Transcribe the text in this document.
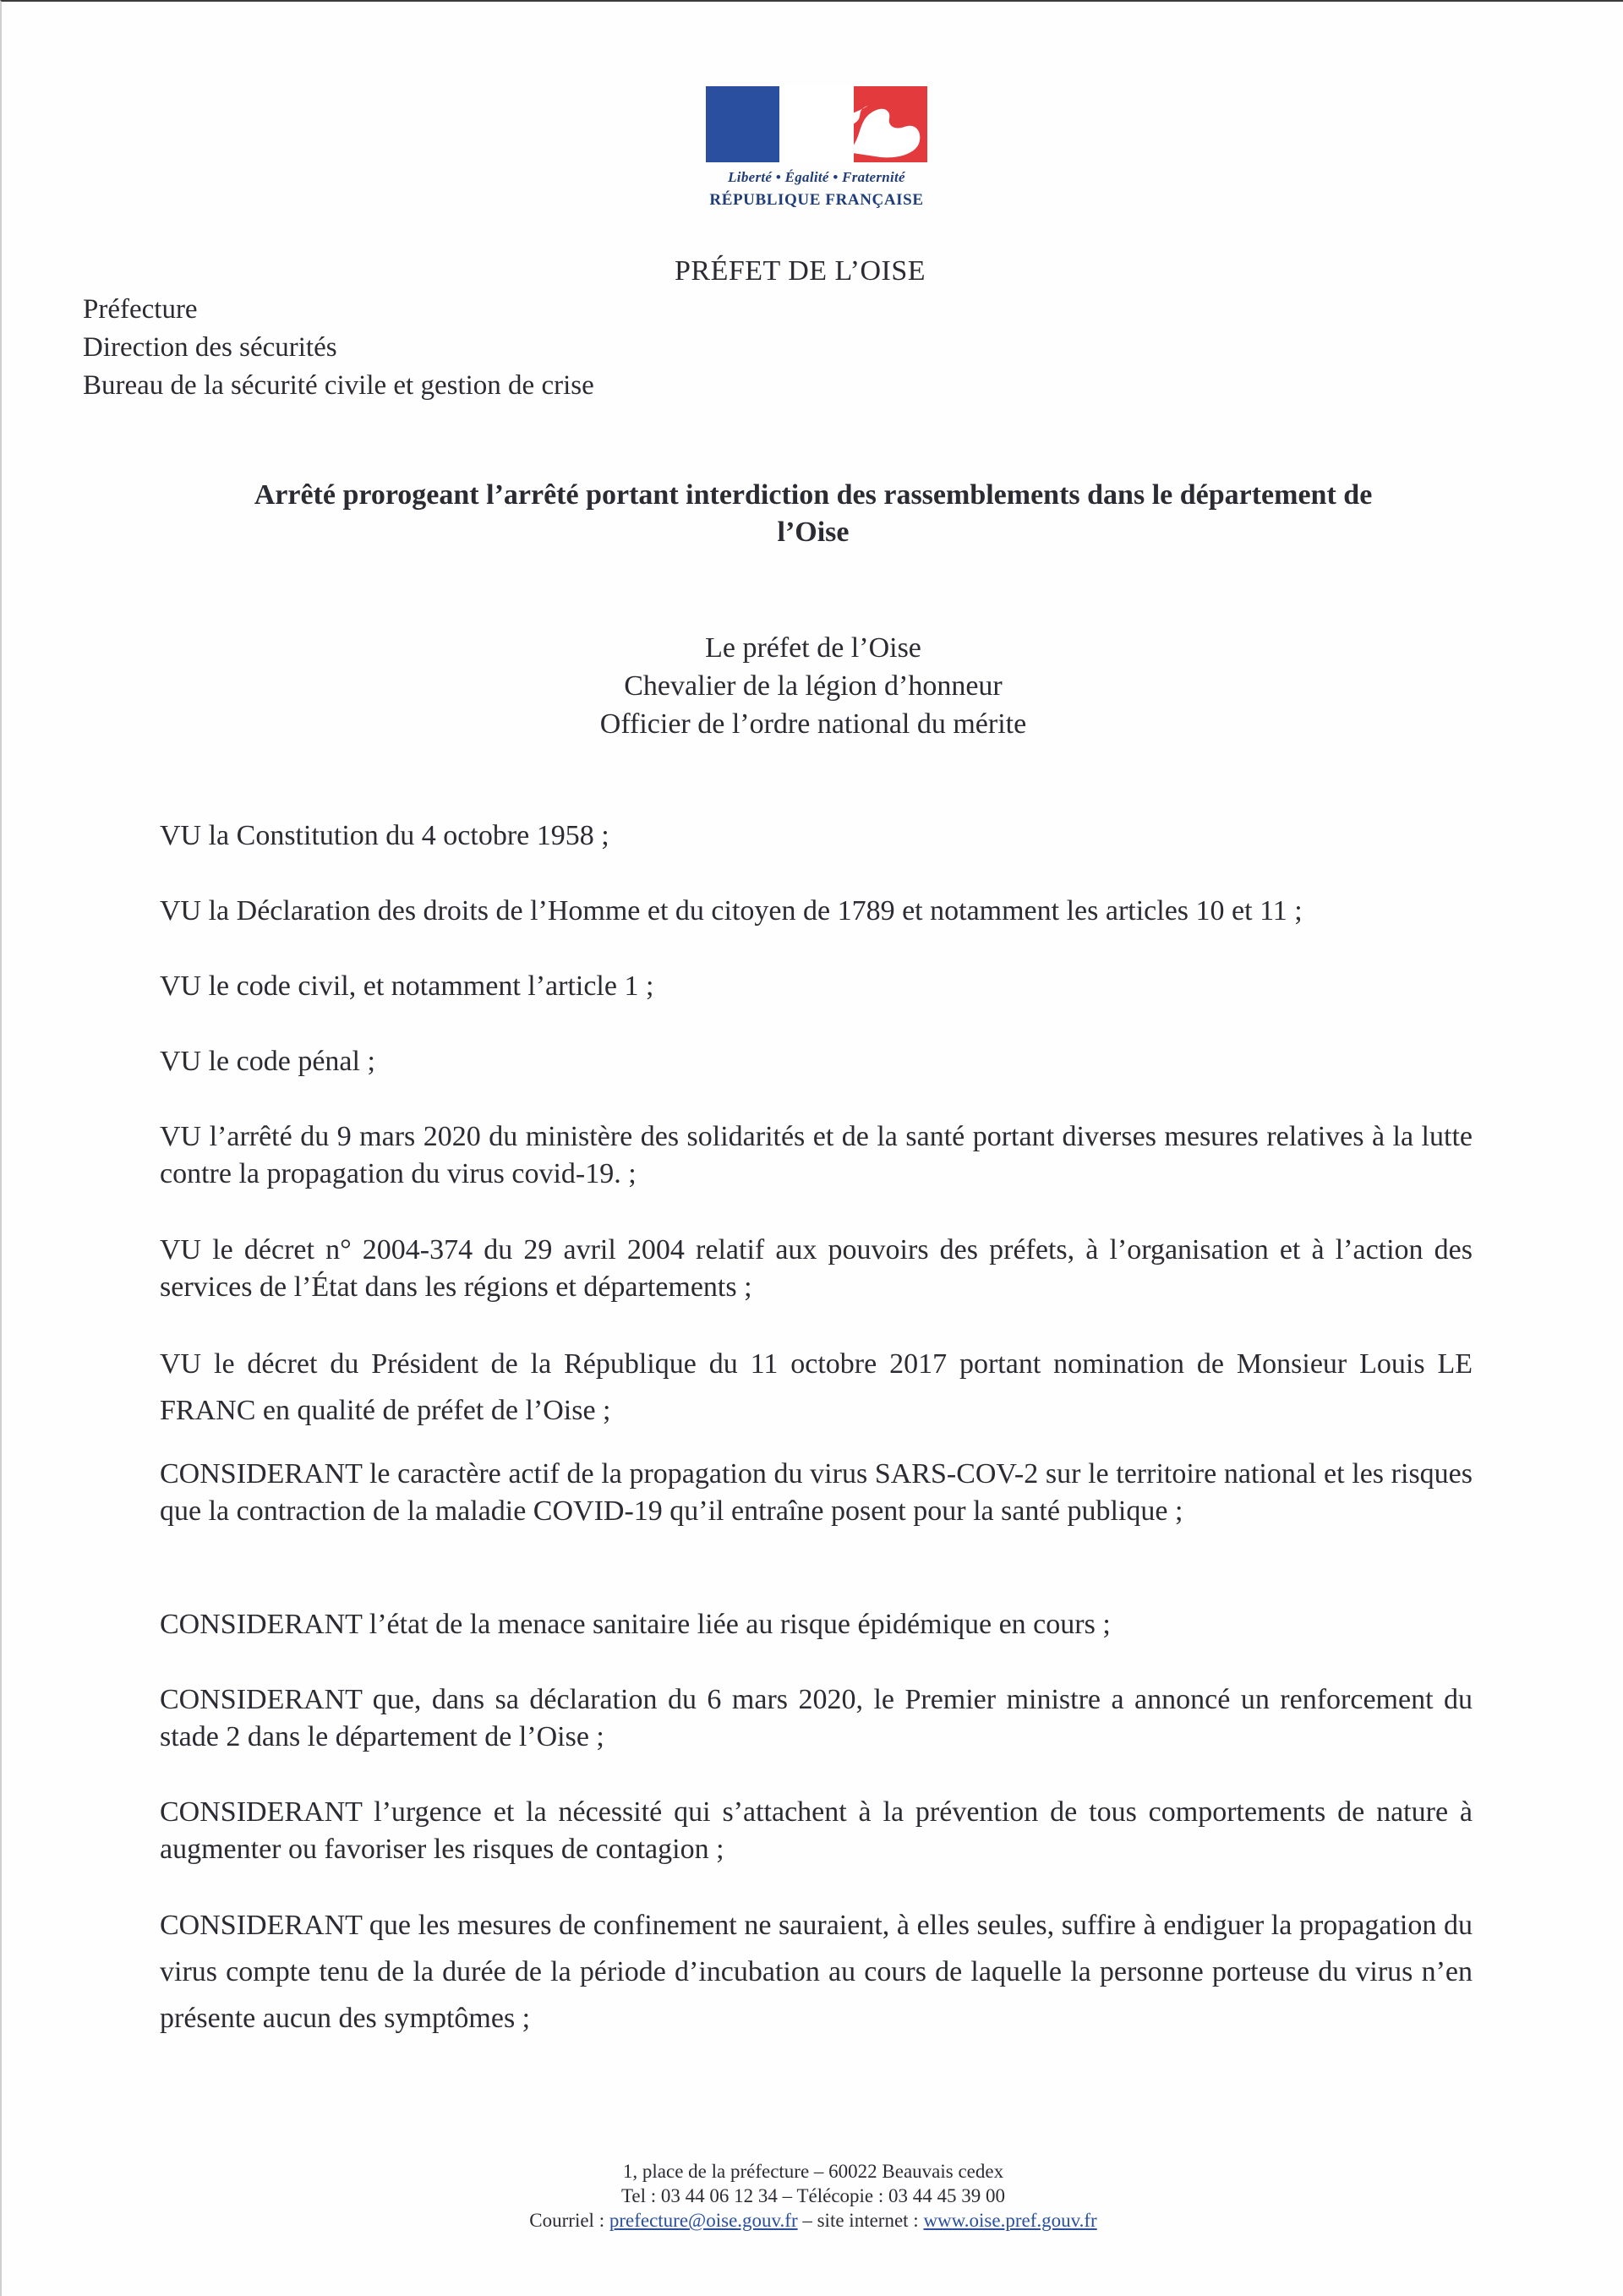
Liberté • Égalité • Fraternité
RÉPUBLIQUE FRANÇAISE
PRÉFET DE L’OISE
Préfecture
Direction des sécurités
Bureau de la sécurité civile et gestion de crise
Arrêté prorogeant l’arrêté portant interdiction des rassemblements dans le département de
l’Oise
Le préfet de l’Oise
Chevalier de la légion d’honneur
Officier de l’ordre national du mérite
VU la Constitution du 4 octobre 1958 ;
VU la Déclaration des droits de l’Homme et du citoyen de 1789 et notamment les articles 10 et 11 ;
VU le code civil, et notamment l’article 1 ;
VU le code pénal ;
VU l’arrêté du 9 mars 2020 du ministère des solidarités et de la santé portant diverses mesures relatives à la lutte contre la propagation du virus covid-19. ;
VU le décret n° 2004-374 du 29 avril 2004 relatif aux pouvoirs des préfets, à l’organisation et à l’action des services de l’État dans les régions et départements ;
VU le décret du Président de la République du 11 octobre 2017 portant nomination de Monsieur Louis LE FRANC en qualité de préfet de l’Oise ;
CONSIDERANT le caractère actif de la propagation du virus SARS-COV-2 sur le territoire national et les risques que la contraction de la maladie COVID-19 qu’il entraîne posent pour la santé publique ;
CONSIDERANT l’état de la menace sanitaire liée au risque épidémique en cours ;
CONSIDERANT que, dans sa déclaration du 6 mars 2020, le Premier ministre a annoncé un renforcement du stade 2 dans le département de l’Oise ;
CONSIDERANT l’urgence et la nécessité qui s’attachent à la prévention de tous comportements de nature à augmenter ou favoriser les risques de contagion ;
CONSIDERANT que les mesures de confinement ne sauraient, à elles seules, suffire à endiguer la propagation du virus compte tenu de la durée de la période d’incubation au cours de laquelle la personne porteuse du virus n’en présente aucun des symptômes ;
1, place de la préfecture – 60022 Beauvais cedex
Tel : 03 44 06 12 34 – Télécopie : 03 44 45 39 00
Courriel : prefecture@oise.gouv.fr – site internet : www.oise.pref.gouv.fr
